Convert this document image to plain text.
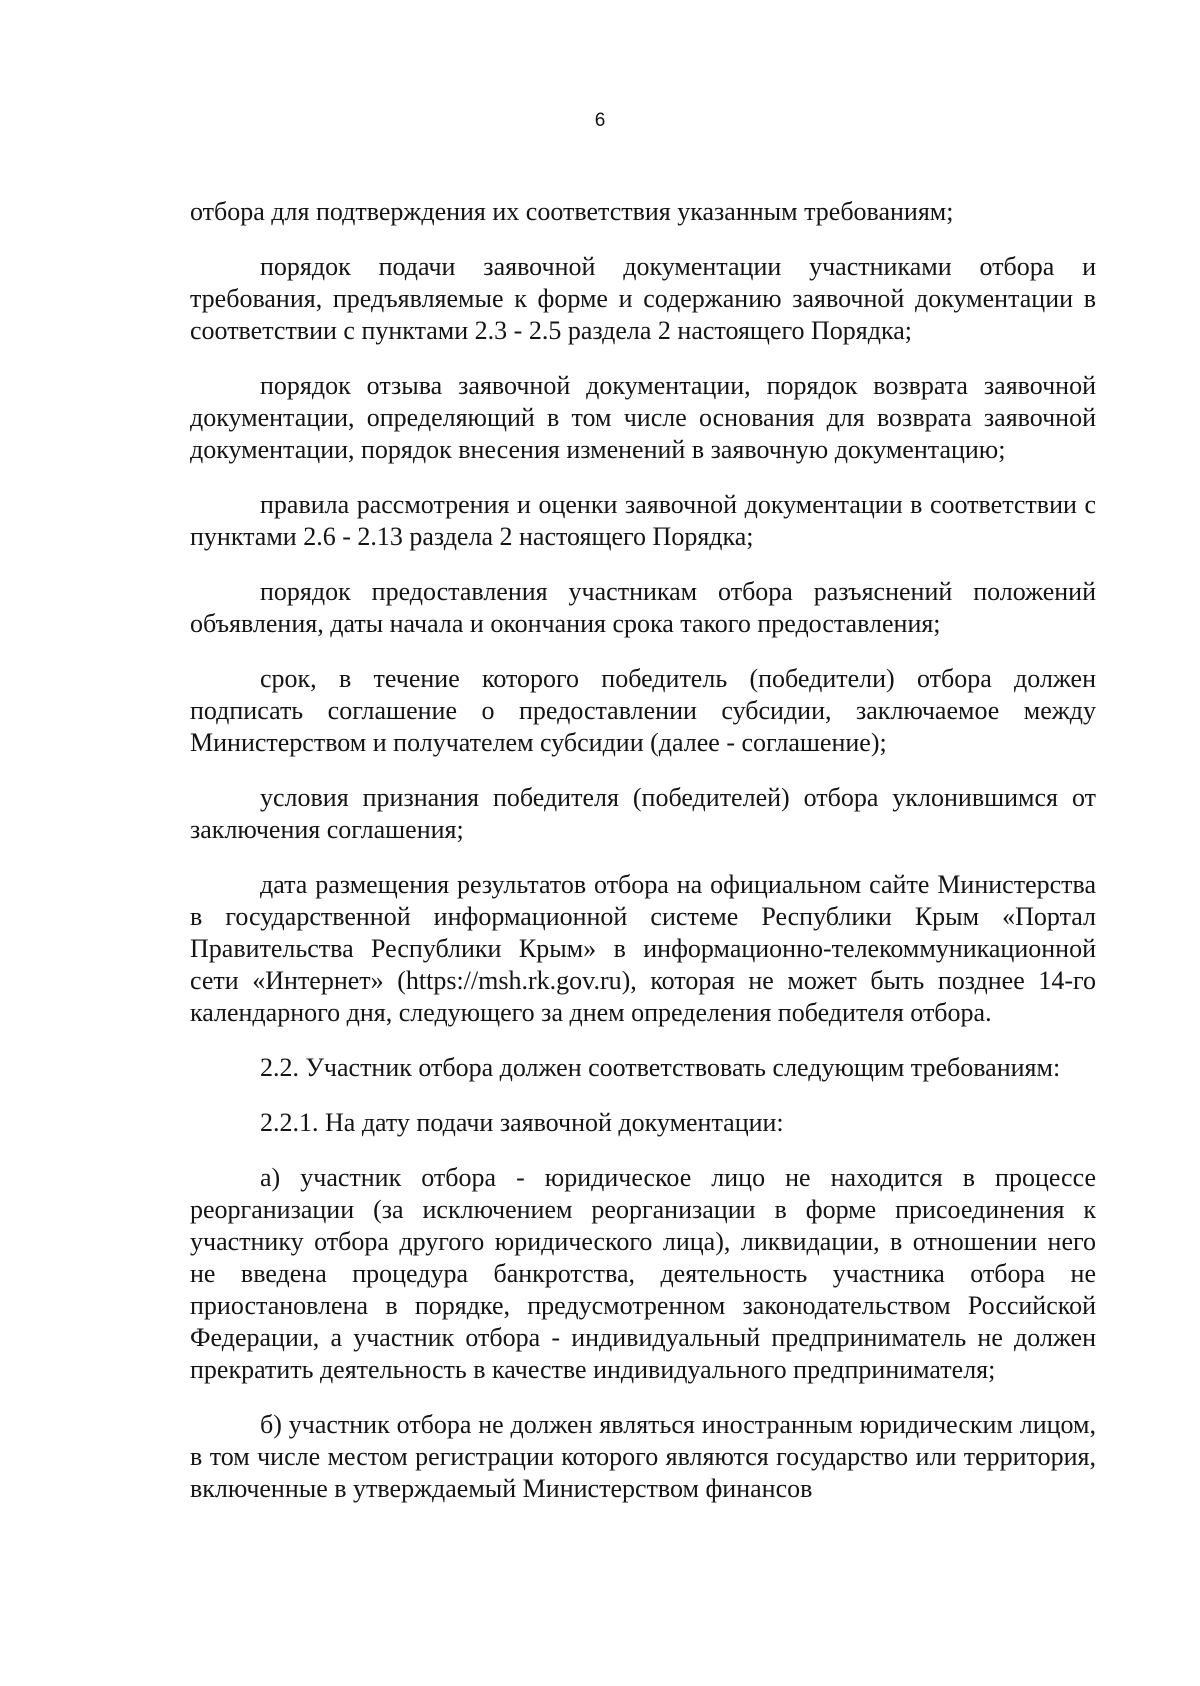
6

отбора для подтверждения их соответствия указанным требованиям;

порядок подачи заявочной документации участниками отбора и требования, предъявляемые к форме и содержанию заявочной документации в соответствии с пунктами 2.3 - 2.5 раздела 2 настоящего Порядка;

порядок отзыва заявочной документации, порядок возврата заявочной документации, определяющий в том числе основания для возврата заявочной документации, порядок внесения изменений в заявочную документацию;

правила рассмотрения и оценки заявочной документации в соответствии с пунктами 2.6 - 2.13 раздела 2 настоящего Порядка;

порядок предоставления участникам отбора разъяснений положений объявления, даты начала и окончания срока такого предоставления;

срок, в течение которого победитель (победители) отбора должен подписать соглашение о предоставлении субсидии, заключаемое между Министерством и получателем субсидии (далее - соглашение);

условия признания победителя (победителей) отбора уклонившимся от заключения соглашения;

дата размещения результатов отбора на официальном сайте Министерства в государственной информационной системе Республики Крым «Портал Правительства Республики Крым» в информационно-телекоммуникационной сети «Интернет» (https://msh.rk.gov.ru), которая не может быть позднее 14-го календарного дня, следующего за днем определения победителя отбора.

2.2. Участник отбора должен соответствовать следующим требованиям:

2.2.1. На дату подачи заявочной документации:

а) участник отбора - юридическое лицо не находится в процессе реорганизации (за исключением реорганизации в форме присоединения к участнику отбора другого юридического лица), ликвидации, в отношении него не введена процедура банкротства, деятельность участника отбора не приостановлена в порядке, предусмотренном законодательством Российской Федерации, а участник отбора - индивидуальный предприниматель не должен прекратить деятельность в качестве индивидуального предпринимателя;

б) участник отбора не должен являться иностранным юридическим лицом, в том числе местом регистрации которого являются государство или территория, включенные в утверждаемый Министерством финансов
